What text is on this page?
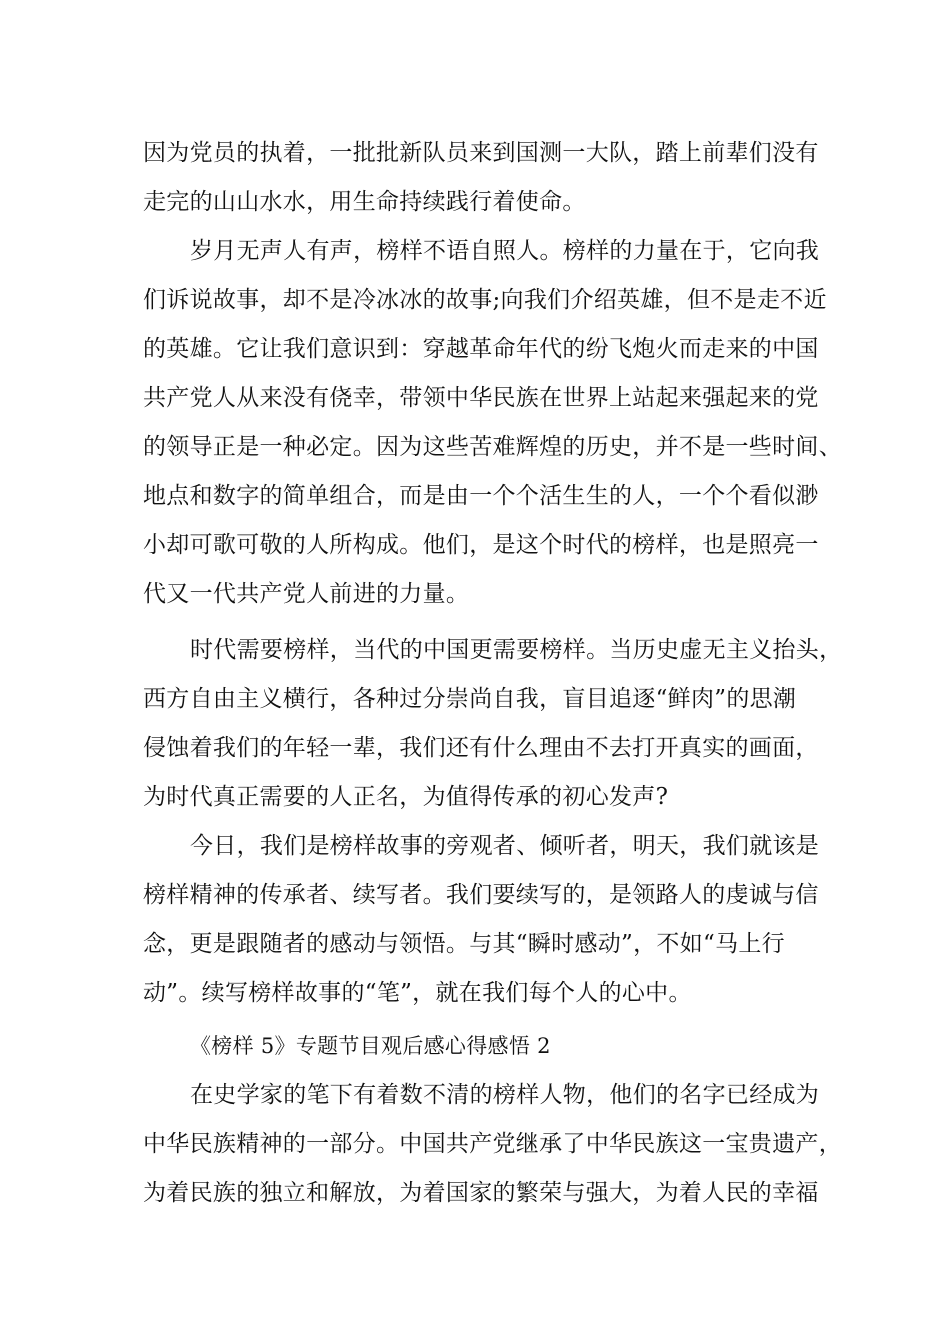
因为党员的执着，一批批新队员来到国测一大队，踏上前辈们没有
走完的山山水水，用生命持续践行着使命。
岁月无声人有声，榜样不语自照人。榜样的力量在于，它向我
们诉说故事，却不是冷冰冰的故事;向我们介绍英雄，但不是走不近
的英雄。它让我们意识到：穿越革命年代的纷飞炮火而走来的中国
共产党人从来没有侥幸，带领中华民族在世界上站起来强起来的党
的领导正是一种必定。因为这些苦难辉煌的历史，并不是一些时间、
地点和数字的简单组合，而是由一个个活生生的人，一个个看似渺
小却可歌可敬的人所构成。他们，是这个时代的榜样，也是照亮一
代又一代共产党人前进的力量。
时代需要榜样，当代的中国更需要榜样。当历史虚无主义抬头，
西方自由主义横行，各种过分崇尚自我，盲目追逐“鲜肉”的思潮
侵蚀着我们的年轻一辈，我们还有什么理由不去打开真实的画面，
为时代真正需要的人正名，为值得传承的初心发声?
今日，我们是榜样故事的旁观者、倾听者，明天，我们就该是
榜样精神的传承者、续写者。我们要续写的，是领路人的虔诚与信
念，更是跟随者的感动与领悟。与其“瞬时感动”，不如“马上行
动”。续写榜样故事的“笔”，就在我们每个人的心中。
《榜样 5》专题节目观后感心得感悟 2
在史学家的笔下有着数不清的榜样人物，他们的名字已经成为
中华民族精神的一部分。中国共产党继承了中华民族这一宝贵遗产，
为着民族的独立和解放，为着国家的繁荣与强大，为着人民的幸福
